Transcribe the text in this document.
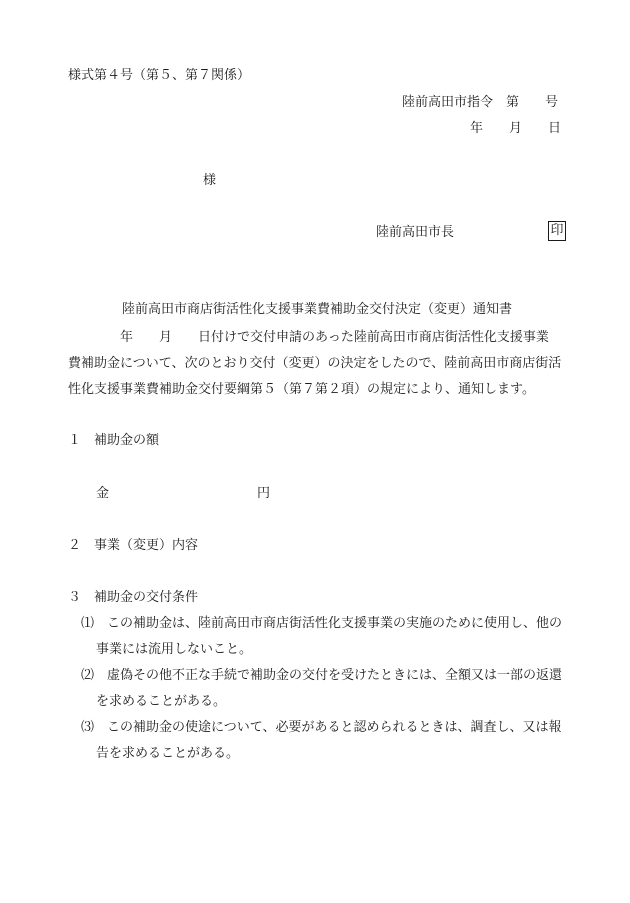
様式第４号（第５、第７関係）
陸前高田市指令　第　　号
年　　月　　日
様
陸前高田市長	印
陸前高田市商店街活性化支援事業費補助金交付決定（変更）通知書
　　　　年　　月　　日付けで交付申請のあった陸前高田市商店街活性化支援事業
費補助金について、次のとおり交付（変更）の決定をしたので、陸前高田市商店街活
性化支援事業費補助金交付要綱第５（第７第２項）の規定により、通知します。
１　補助金の額
金	円
２　事業（変更）内容
３　補助金の交付条件
⑴　この補助金は、陸前高田市商店街活性化支援事業の実施のために使用し、他の
事業には流用しないこと。
⑵　虚偽その他不正な手続で補助金の交付を受けたときには、全額又は一部の返還
を求めることがある。
⑶　この補助金の使途について、必要があると認められるときは、調査し、又は報
告を求めることがある。
